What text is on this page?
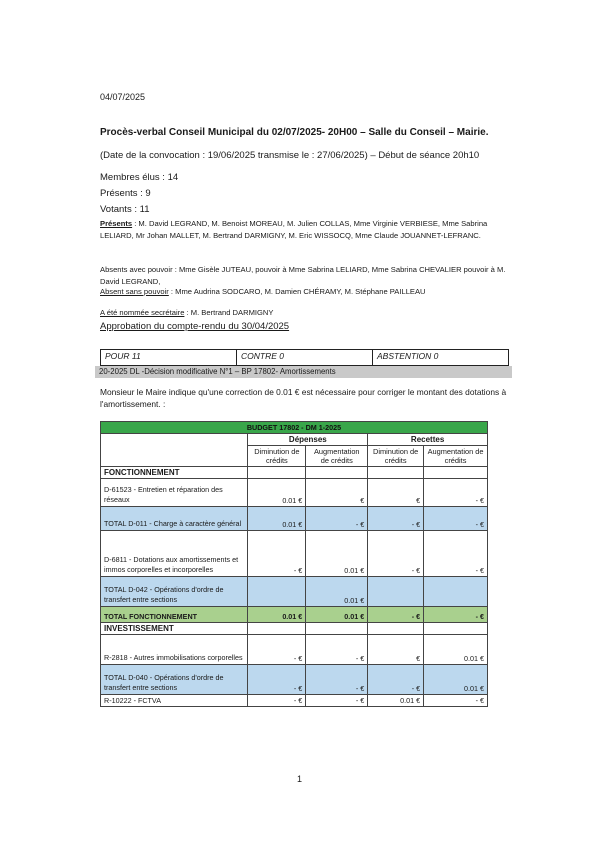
04/07/2025
Procès-verbal Conseil Municipal du 02/07/2025- 20H00 – Salle du Conseil – Mairie.
(Date de la convocation : 19/06/2025 transmise le : 27/06/2025) – Début de séance 20h10
Membres élus : 14
Présents : 9
Votants : 11
Présents : M. David LEGRAND, M. Benoist MOREAU, M. Julien COLLAS, Mme Virginie VERBIESE, Mme Sabrina LELIARD, Mr Johan MALLET, M. Bertrand DARMIGNY, M. Eric WISSOCQ, Mme Claude JOUANNET-LEFRANC.
Absents avec pouvoir : Mme Gisèle JUTEAU, pouvoir à Mme Sabrina LELIARD, Mme Sabrina CHEVALIER pouvoir à M. David LEGRAND,
Absent sans pouvoir : Mme Audrina SODCARO, M. Damien CHÉRAMY, M. Stéphane PAILLEAU
A été nommée secrétaire : M. Bertrand DARMIGNY
Approbation du compte-rendu du 30/04/2025
POUR 11	CONTRE 0	ABSTENTION 0
20-2025 DL -Décision modificative N°1 – BP 17802- Amortissements
Monsieur le Maire indique qu'une correction de 0.01 € est nécessaire pour corriger le montant des dotations à l'amortissement. :
BUDGET 17802 - DM 1-2025				
	Dépenses		Recettes	
	Diminution de crédits	Augmentation de crédits	Diminution de crédits	Augmentation de crédits
FONCTIONNEMENT				
D-61523 - Entretien et réparation des réseaux	0.01 €	€	€	- €
TOTAL D-011 - Charge à caractère général	0.01 €	- €	- €	- €
D-6811 - Dotations aux amortissements et immos corporelles et incorporelles	- €	0.01 €	- €	- €
TOTAL D-042 - Opérations d'ordre de transfert entre sections		0.01 €		
TOTAL FONCTIONNEMENT	0.01 €	0.01 €	- €	- €
INVESTISSEMENT				
R-2818 - Autres immobilisations corporelles	- €	- €	€	0.01 €
TOTAL D-040 - Opérations d'ordre de transfert entre sections	- €	- €	- €	0.01 €
R-10222 - FCTVA	- €	- €	0.01 €	- €
1
